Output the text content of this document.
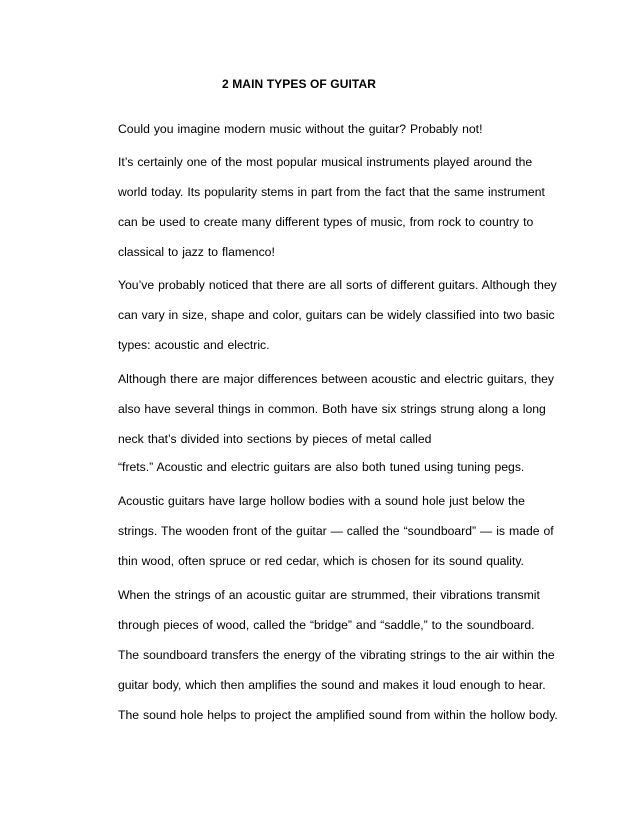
2 MAIN TYPES OF GUITAR
Could you imagine modern music without the guitar? Probably not!
It’s certainly one of the most popular musical instruments played around the
world today. Its popularity stems in part from the fact that the same instrument
can be used to create many different types of music, from rock to country to
classical to jazz to flamenco!
You’ve probably noticed that there are all sorts of different guitars. Although they
can vary in size, shape and color, guitars can be widely classified into two basic
types: acoustic and electric.
Although there are major differences between acoustic and electric guitars, they
also have several things in common. Both have six strings strung along a long
neck that’s divided into sections by pieces of metal called
“frets.” Acoustic and electric guitars are also both tuned using tuning pegs.
Acoustic guitars have large hollow bodies with a sound hole just below the
strings. The wooden front of the guitar — called the “soundboard” — is made of
thin wood, often spruce or red cedar, which is chosen for its sound quality.
When the strings of an acoustic guitar are strummed, their vibrations transmit
through pieces of wood, called the “bridge” and “saddle,” to the soundboard.
The soundboard transfers the energy of the vibrating strings to the air within the
guitar body, which then amplifies the sound and makes it loud enough to hear.
The sound hole helps to project the amplified sound from within the hollow body.
